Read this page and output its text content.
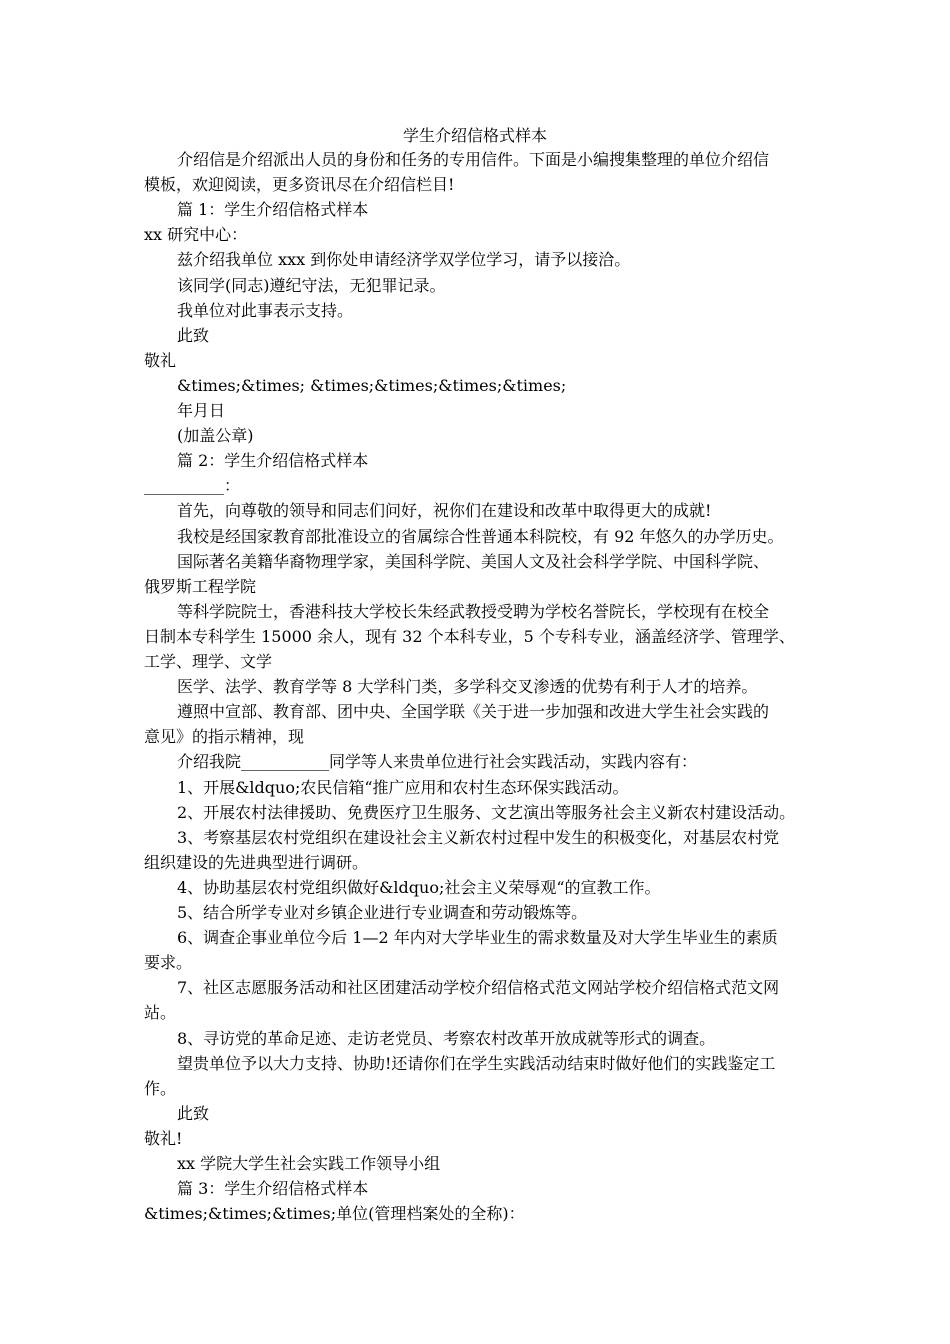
学生介绍信格式样本
介绍信是介绍派出人员的身份和任务的专用信件。下面是小编搜集整理的单位介绍信
模板，欢迎阅读，更多资讯尽在介绍信栏目!
篇 1：学生介绍信格式样本
xx 研究中心：
兹介绍我单位 xxx 到你处申请经济学双学位学习，请予以接洽。
该同学(同志)遵纪守法，无犯罪记录。
我单位对此事表示支持。
此致
敬礼
&times;&times; &times;&times;&times;&times;
年月日
(加盖公章)
篇 2：学生介绍信格式样本
__________：
首先，向尊敬的领导和同志们问好，祝你们在建设和改革中取得更大的成就!
我校是经国家教育部批准设立的省属综合性普通本科院校，有 92 年悠久的办学历史。
国际著名美籍华裔物理学家，美国科学院、美国人文及社会科学学院、中国科学院、
俄罗斯工程学院
等科学院院士，香港科技大学校长朱经武教授受聘为学校名誉院长，学校现有在校全
日制本专科学生 15000 余人，现有 32 个本科专业，5 个专科专业，涵盖经济学、管理学、
工学、理学、文学
医学、法学、教育学等 8 大学科门类，多学科交叉渗透的优势有利于人才的培养。
遵照中宣部、教育部、团中央、全国学联《关于进一步加强和改进大学生社会实践的
意见》的指示精神，现
介绍我院___________同学等人来贵单位进行社会实践活动，实践内容有：
1、开展&ldquo;农民信箱“推广应用和农村生态环保实践活动。
2、开展农村法律援助、免费医疗卫生服务、文艺演出等服务社会主义新农村建设活动。
3、考察基层农村党组织在建设社会主义新农村过程中发生的积极变化，对基层农村党
组织建设的先进典型进行调研。
4、协助基层农村党组织做好&ldquo;社会主义荣辱观“的宣教工作。
5、结合所学专业对乡镇企业进行专业调查和劳动锻炼等。
6、调查企事业单位今后 1—2 年内对大学毕业生的需求数量及对大学生毕业生的素质
要求。
7、社区志愿服务活动和社区团建活动学校介绍信格式范文网站学校介绍信格式范文网
站。
8、寻访党的革命足迹、走访老党员、考察农村改革开放成就等形式的调查。
望贵单位予以大力支持、协助!还请你们在学生实践活动结束时做好他们的实践鉴定工
作。
此致
敬礼!
xx 学院大学生社会实践工作领导小组
篇 3：学生介绍信格式样本
&times;&times;&times;单位(管理档案处的全称)：
